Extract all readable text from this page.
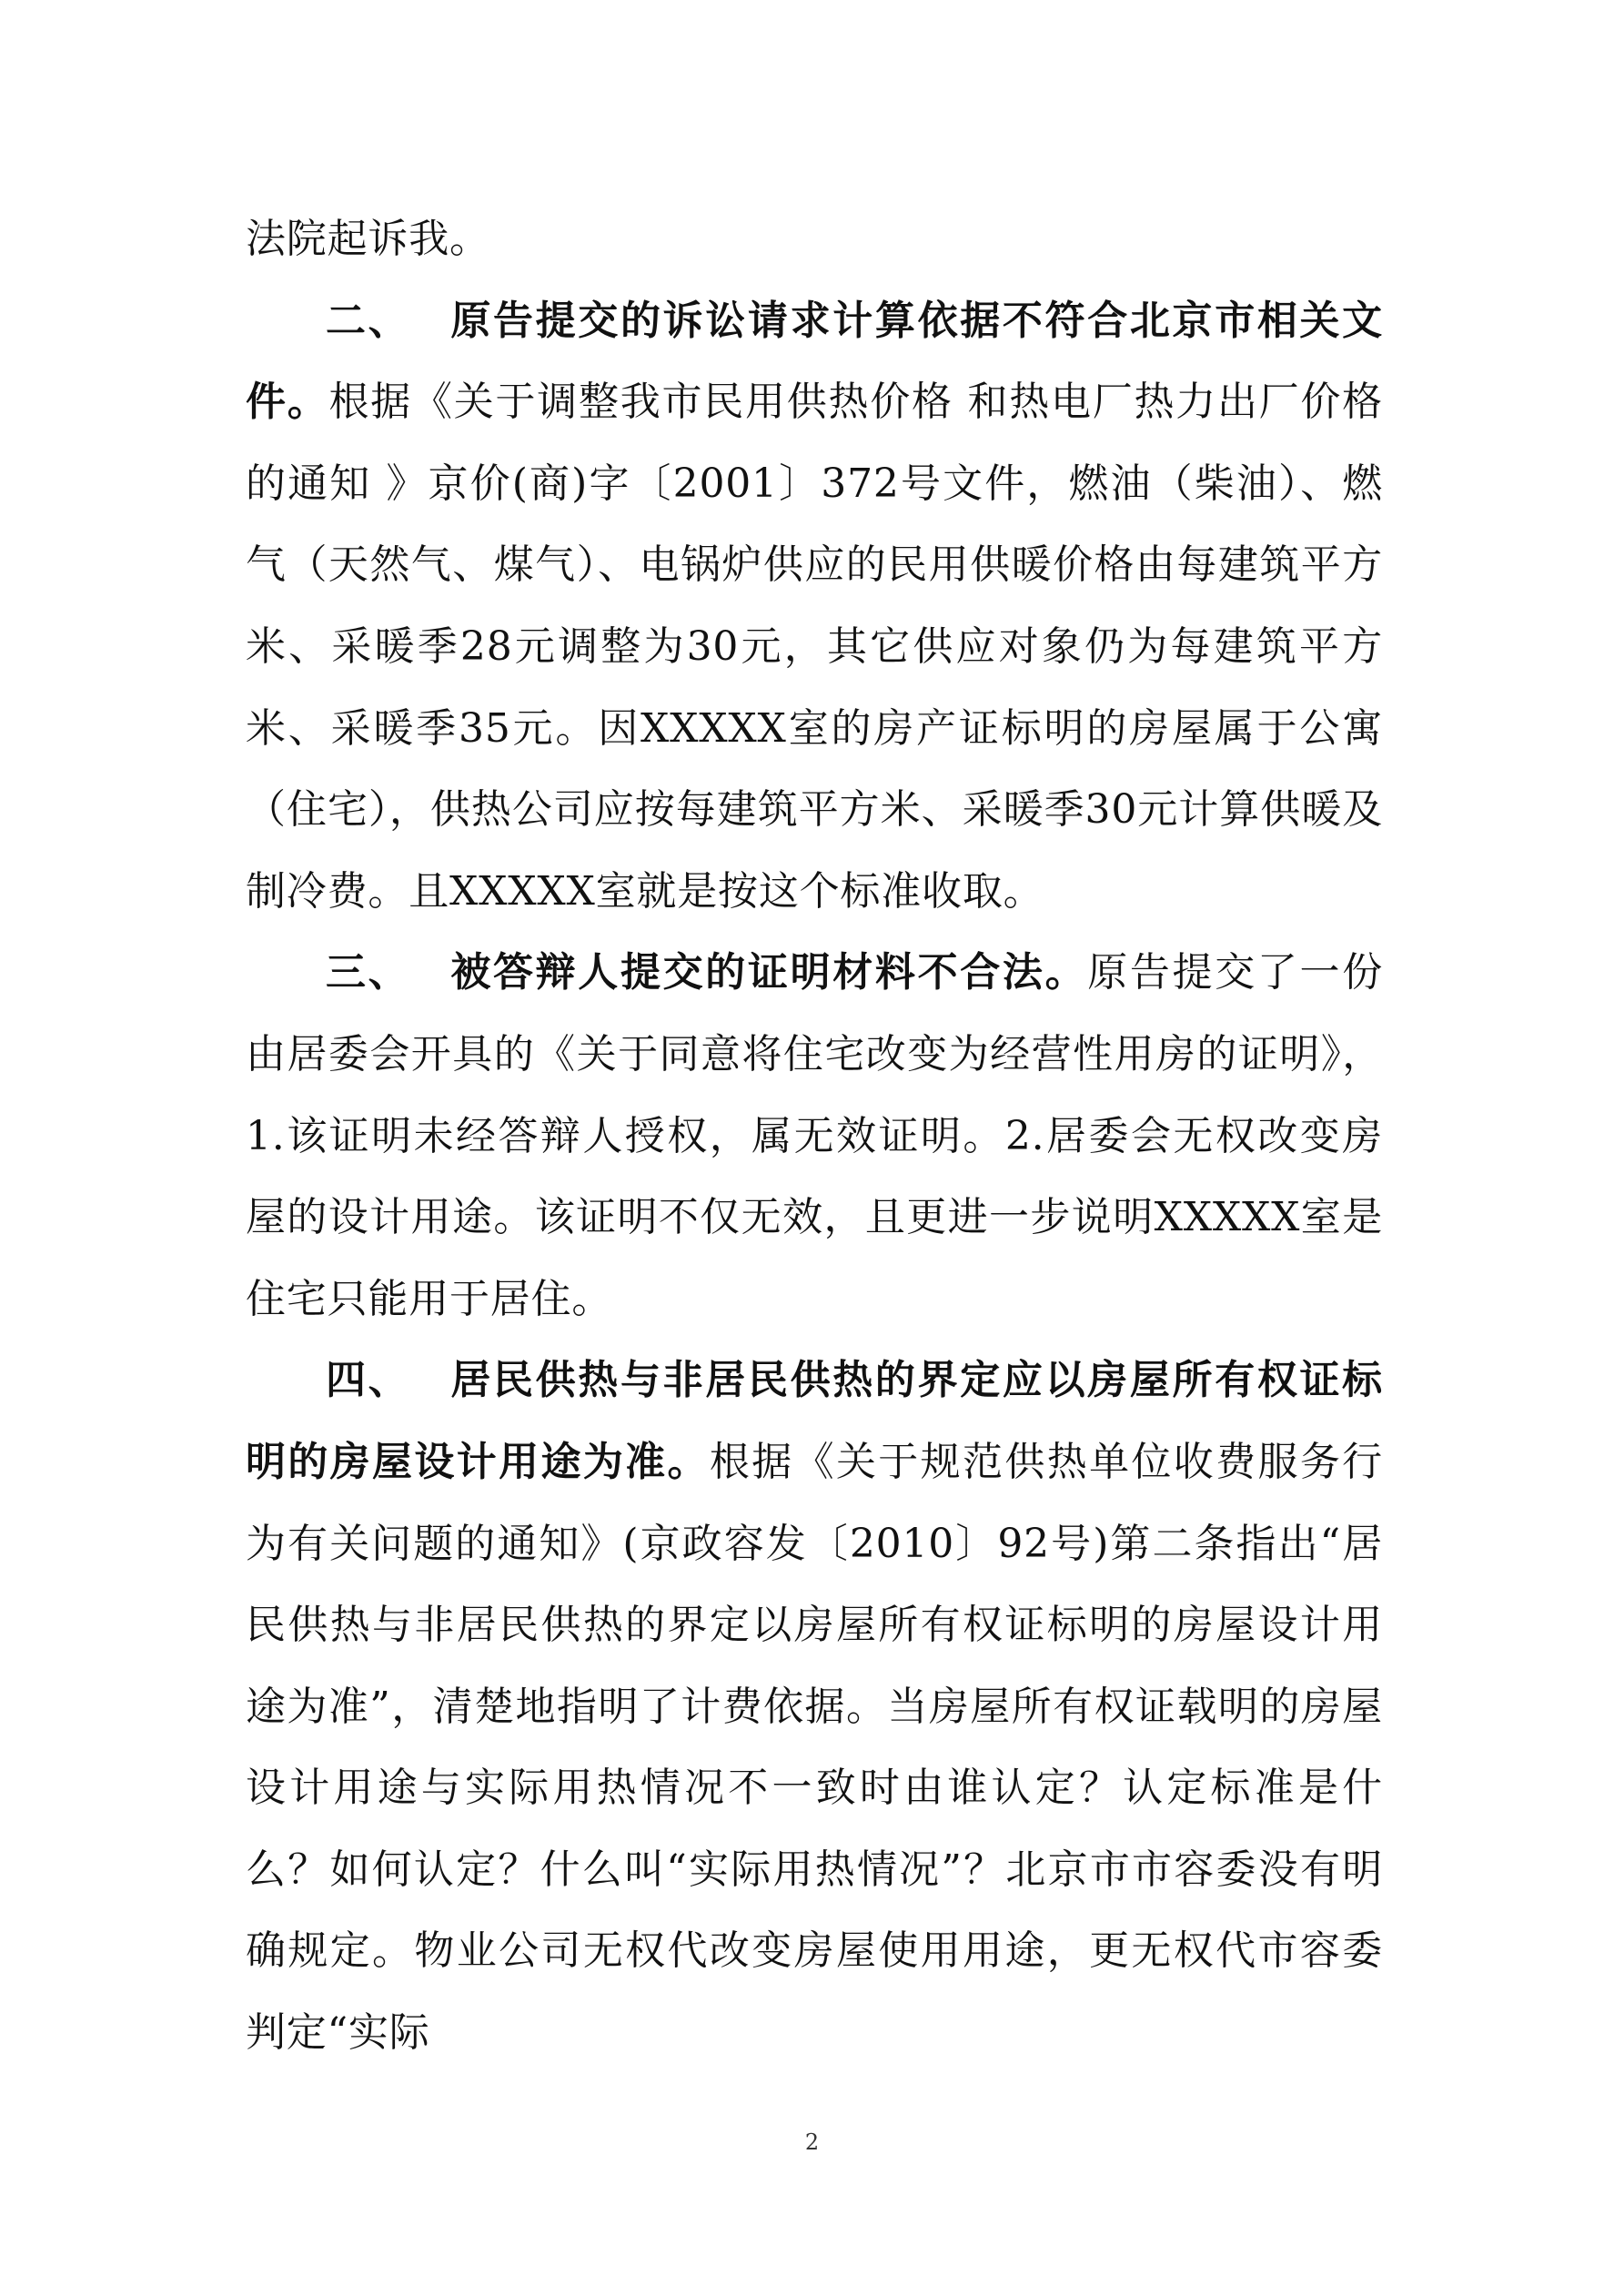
法院起诉我。

二、 原告提交的诉讼请求计算依据不符合北京市相关文件。根据《关于调整我市民用供热价格 和热电厂热力出厂价格的通知 》京价(商)字〔2001〕372号文件，燃油（柴油）、燃气（天然气、煤气）、电锅炉供应的民用供暖价格由每建筑平方米、采暖季28元调整为30元，其它供应对象仍为每建筑平方米、采暖季35元。因XXXXX室的房产证标明的房屋属于公寓（住宅），供热公司应按每建筑平方米、采暖季30元计算供暖及制冷费。且XXXXX室就是按这个标准收取。

三、 被答辩人提交的证明材料不合法。原告提交了一份由居委会开具的《关于同意将住宅改变为经营性用房的证明》，1.该证明未经答辩人授权，属无效证明。2.居委会无权改变房屋的设计用途。该证明不仅无效，且更进一步说明XXXXX室是住宅只能用于居住。

四、 居民供热与非居民供热的界定应以房屋所有权证标明的房屋设计用途为准。根据《关于规范供热单位收费服务行为有关问题的通知》(京政容发〔2010〕92号)第二条指出“居民供热与非居民供热的界定以房屋所有权证标明的房屋设计用途为准”，清楚地指明了计费依据。当房屋所有权证载明的房屋设计用途与实际用热情况不一致时由谁认定？认定标准是什么？如何认定？什么叫“实际用热情况”？北京市市容委没有明确规定。物业公司无权代改变房屋使用用途，更无权代市容委判定“实际

2
